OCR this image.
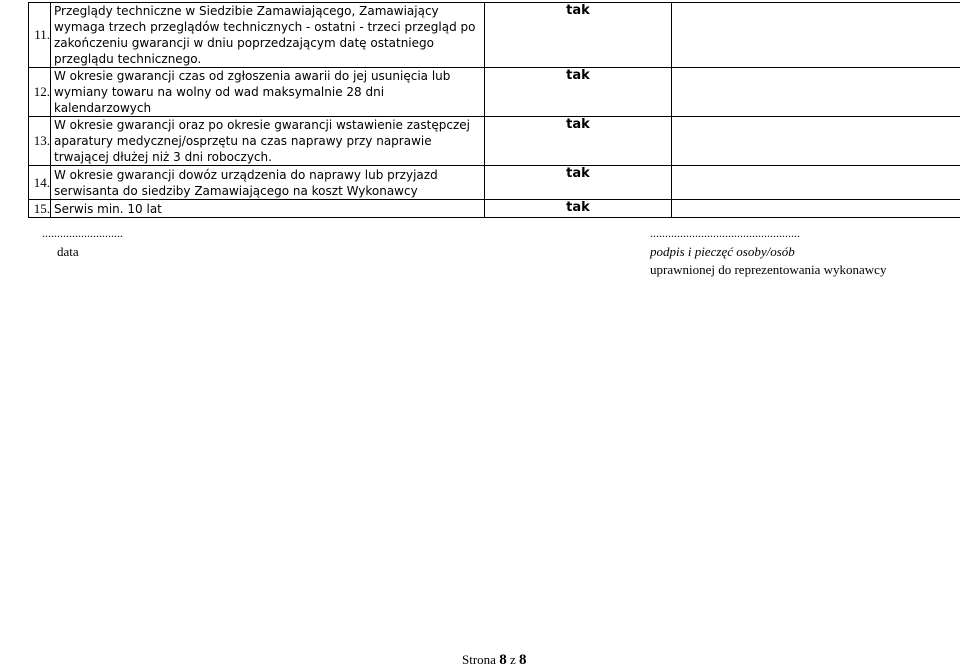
11.	Przeglądy techniczne w Siedzibie Zamawiającego, Zamawiający wymaga trzech przeglądów technicznych - ostatni - trzeci przegląd po zakończeniu gwarancji w dniu poprzedzającym datę ostatniego przeglądu technicznego.	tak		
12.	W okresie gwarancji czas od zgłoszenia awarii do jej usunięcia lub wymiany towaru na wolny od wad maksymalnie 28 dni kalendarzowych	tak		
13.	W okresie gwarancji oraz po okresie gwarancji wstawienie zastępczej aparatury medycznej/osprzętu na czas naprawy przy naprawie trwającej dłużej niż 3 dni roboczych.	tak		
14.	W okresie gwarancji dowóz urządzenia do naprawy lub przyjazd serwisanta do siedziby Zamawiającego na koszt Wykonawcy	tak		
15.	Serwis min. 10 lat	tak		
...........................
data
..................................................
podpis i pieczęć osoby/osób
uprawnionej do reprezentowania wykonawcy
Strona 8 z 8
